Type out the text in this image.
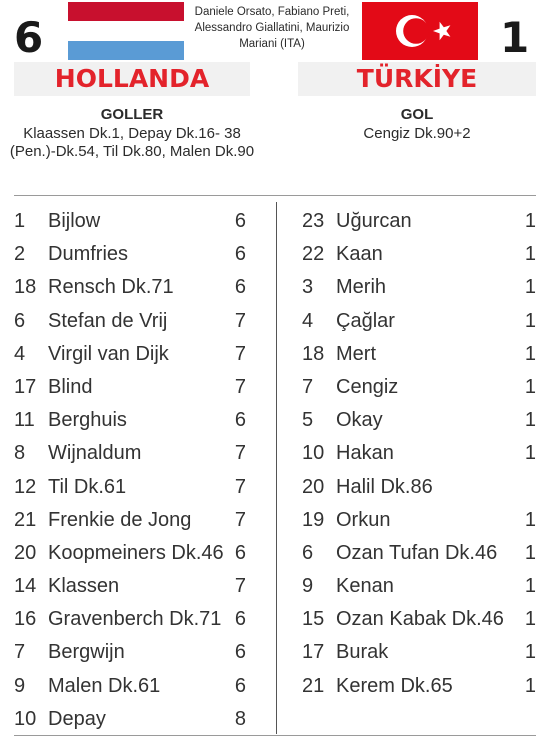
6
Daniele Orsato, Fabiano Preti, Alessandro Giallatini, Maurizio Mariani (ITA)	1
HOLLANDA	TÜRKİYE
GOLLER
Klaassen Dk.1, Depay Dk.16- 38 (Pen.)-Dk.54, Til Dk.80, Malen Dk.90
GOL
Cengiz Dk.90+2
1	Bijlow	6
2	Dumfries	6
18 Rensch Dk.71	6
6	Stefan de Vrij	7
4	Virgil van Dijk	7
17 Blind	7
11 Berghuis	6
8	Wijnaldum	7
12 Til Dk.61	7
21 Frenkie de Jong 7
20 Koopmeiners Dk.46 6
14 Klassen	7
16 Gravenberch Dk.71 6
7	Bergwijn	6
9	Malen Dk.61	6
10 Depay	8
23 Uğurcan	1
22 Kaan	1
3	Merih	1
4	Çağlar	1
18 Mert	1
7	Cengiz	1
5	Okay	1
10 Hakan	1
20 Halil Dk.86
19 Orkun	1
6	Ozan Tufan Dk.46 1
9	Kenan	1
15 Ozan Kabak Dk.46 1
17 Burak	1
21 Kerem Dk.65	1
